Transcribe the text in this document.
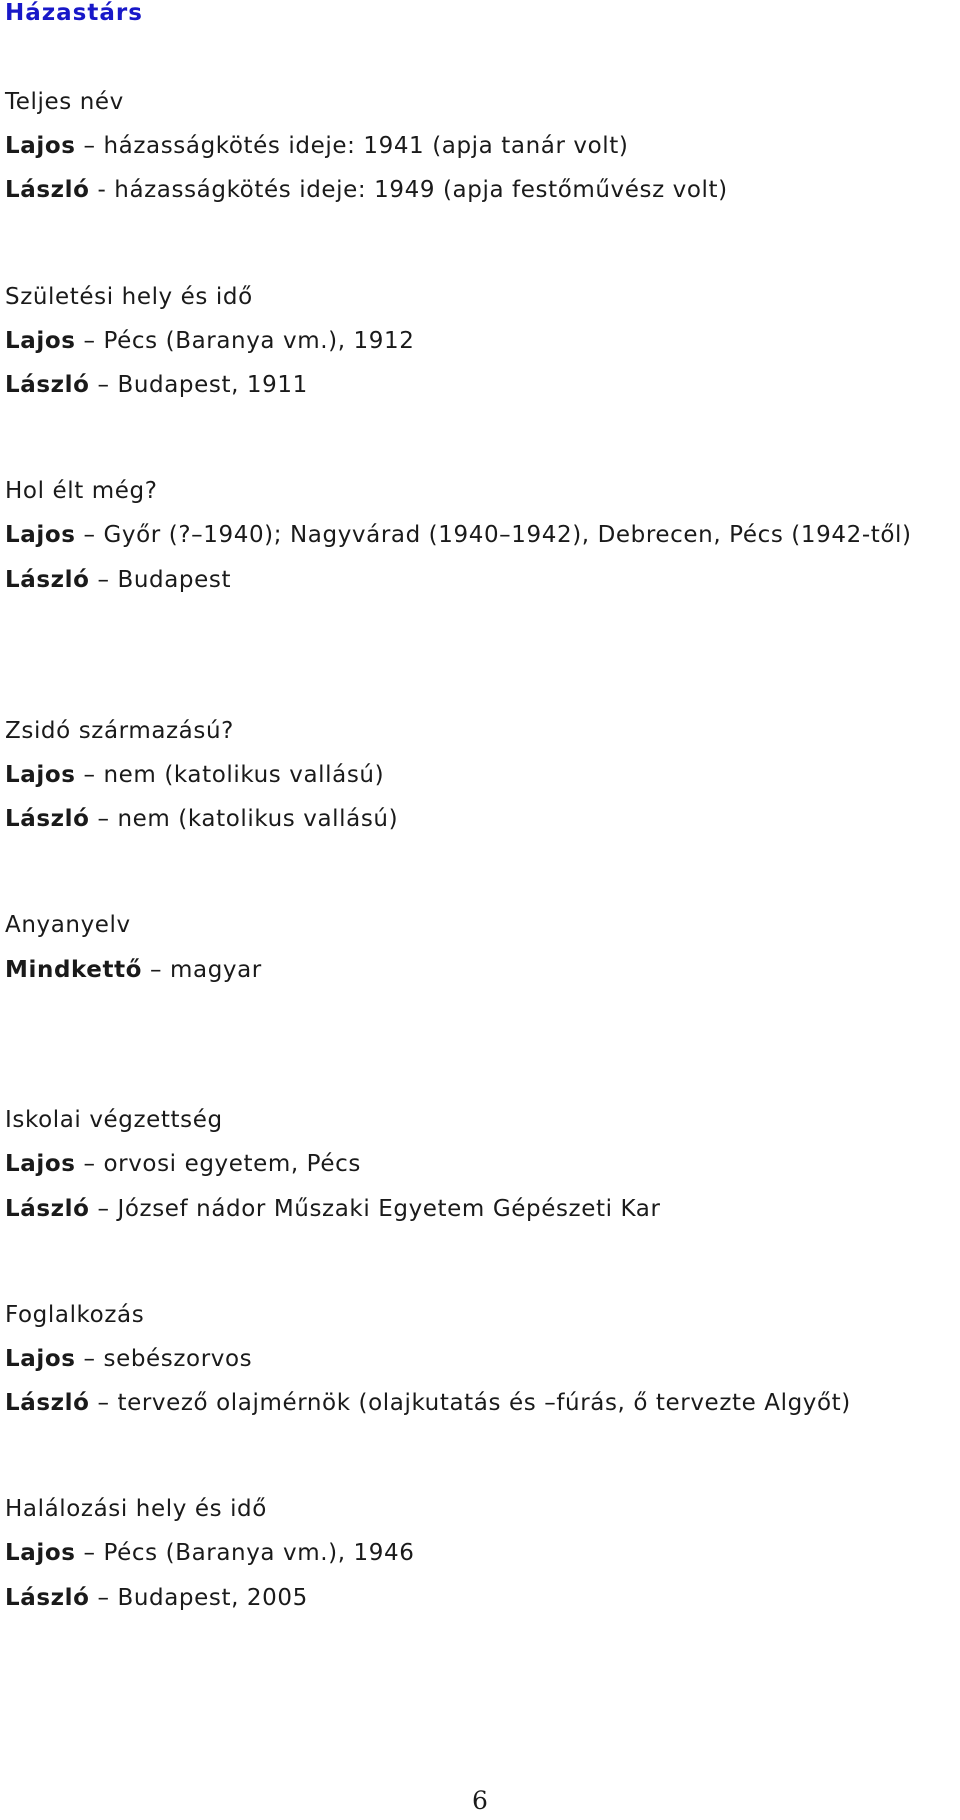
Házastárs
Teljes név
Lajos – házasságkötés ideje: 1941 (apja tanár volt)
László - házasságkötés ideje: 1949 (apja festőművész volt)
Születési hely és idő
Lajos – Pécs (Baranya vm.), 1912
László – Budapest, 1911
Hol élt még?
Lajos – Győr (?–1940); Nagyvárad (1940–1942), Debrecen, Pécs (1942-től)
László – Budapest
Zsidó származású?
Lajos – nem (katolikus vallású)
László – nem (katolikus vallású)
Anyanyelv
Mindkettő – magyar
Iskolai végzettség
Lajos – orvosi egyetem, Pécs
László – József nádor Műszaki Egyetem Gépészeti Kar
Foglalkozás
Lajos – sebészorvos
László – tervező olajmérnök (olajkutatás és –fúrás, ő tervezte Algyőt)
Halálozási hely és idő
Lajos – Pécs (Baranya vm.), 1946
László – Budapest, 2005
6
